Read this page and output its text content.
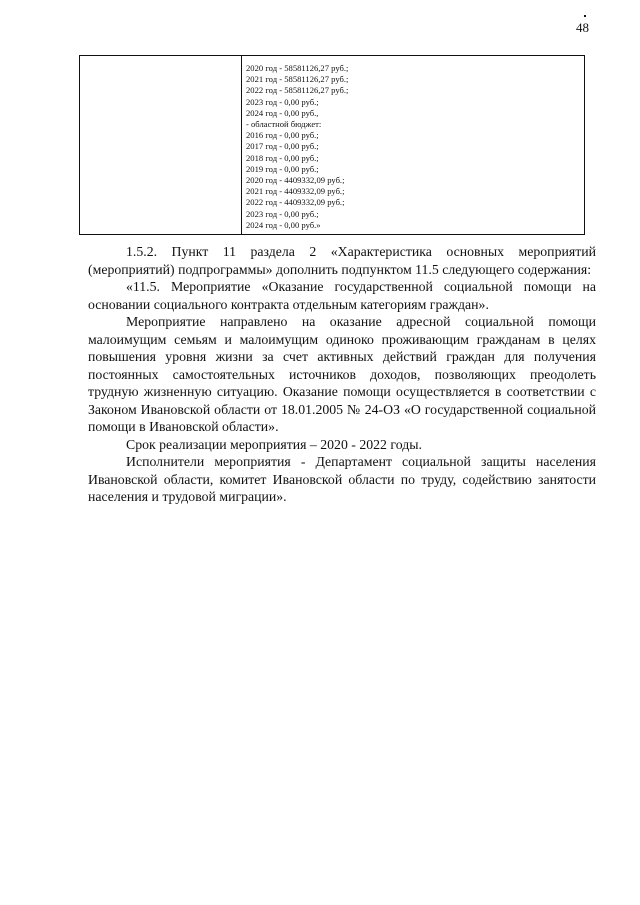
48
2020 год - 58581126,27 руб.;
2021 год - 58581126,27 руб.;
2022 год - 58581126,27 руб.;
2023 год - 0,00 руб.;
2024 год - 0,00 руб.,
- областной бюджет:
2016 год - 0,00 руб.;
2017 год - 0,00 руб.;
2018 год - 0,00 руб.;
2019 год - 0,00 руб.;
2020 год - 4409332,09 руб.;
2021 год - 4409332,09 руб.;
2022 год - 4409332,09 руб.;
2023 год - 0,00 руб.;
2024 год - 0,00 руб.»

1.5.2. Пункт 11 раздела 2 «Характеристика основных мероприятий (мероприятий) подпрограммы» дополнить подпунктом 11.5 следующего содержания:

«11.5. Мероприятие «Оказание государственной социальной помощи на основании социального контракта отдельным категориям граждан».

Мероприятие направлено на оказание адресной социальной помощи малоимущим семьям и малоимущим одиноко проживающим гражданам в целях повышения уровня жизни за счет активных действий граждан для получения постоянных самостоятельных источников доходов, позволяющих преодолеть трудную жизненную ситуацию. Оказание помощи осуществляется в соответствии с Законом Ивановской области от 18.01.2005 № 24-ОЗ «О государственной социальной помощи в Ивановской области».

Срок реализации мероприятия – 2020 - 2022 годы.

Исполнители мероприятия - Департамент социальной защиты населения Ивановской области, комитет Ивановской области по труду, содействию занятости населения и трудовой миграции».
